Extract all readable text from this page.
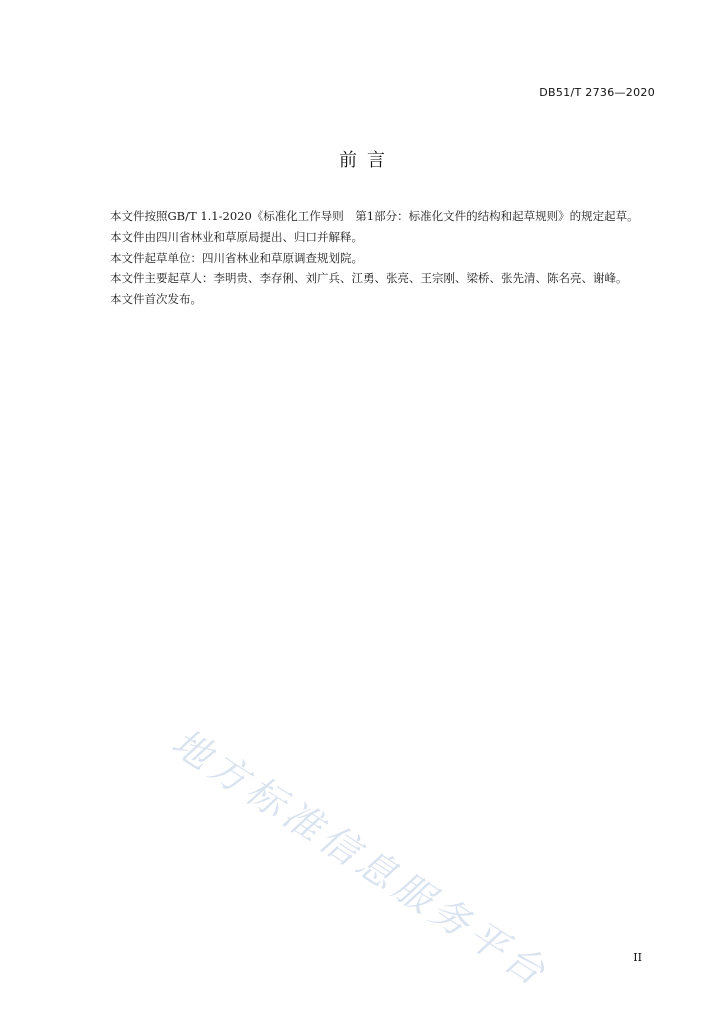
DB51/T 2736—2020
前言

本文件按照GB/T 1.1-2020《标准化工作导则　第1部分：标准化文件的结构和起草规则》的规定起草。

本文件由四川省林业和草原局提出、归口并解释。

本文件起草单位：四川省林业和草原调查规划院。

本文件主要起草人：李明贵、李存俐、刘广兵、江勇、张亮、王宗刚、梁桥、张先清、陈名亮、谢峰。

本文件首次发布。

地方标准信息服务平台	II
